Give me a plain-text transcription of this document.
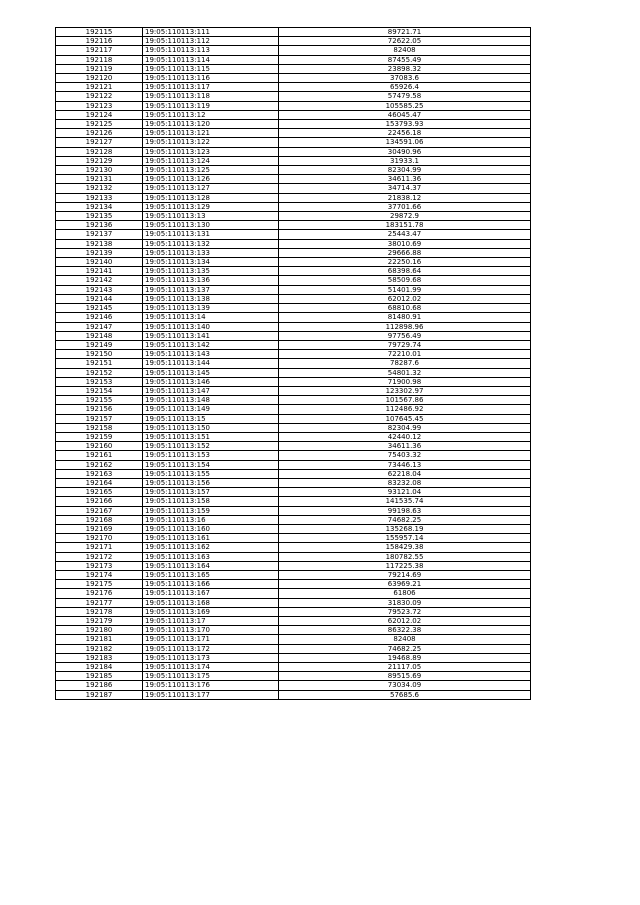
192115	19:05:110113:111	89721.71
192116	19:05:110113:112	72622.05
192117	19:05:110113:113	82408
192118	19:05:110113:114	87455.49
192119	19:05:110113:115	23898.32
192120	19:05:110113:116	37083.6
192121	19:05:110113:117	65926.4
192122	19:05:110113:118	57479.58
192123	19:05:110113:119	105585.25
192124	19:05:110113:12	46045.47
192125	19:05:110113:120	153793.93
192126	19:05:110113:121	22456.18
192127	19:05:110113:122	134591.06
192128	19:05:110113:123	30490.96
192129	19:05:110113:124	31933.1
192130	19:05:110113:125	82304.99
192131	19:05:110113:126	34611.36
192132	19:05:110113:127	34714.37
192133	19:05:110113:128	21838.12
192134	19:05:110113:129	37701.66
192135	19:05:110113:13	29872.9
192136	19:05:110113:130	183151.78
192137	19:05:110113:131	25443.47
192138	19:05:110113:132	38010.69
192139	19:05:110113:133	29666.88
192140	19:05:110113:134	22250.16
192141	19:05:110113:135	68398.64
192142	19:05:110113:136	58509.68
192143	19:05:110113:137	51401.99
192144	19:05:110113:138	62012.02
192145	19:05:110113:139	68810.68
192146	19:05:110113:14	81480.91
192147	19:05:110113:140	112898.96
192148	19:05:110113:141	97756.49
192149	19:05:110113:142	79729.74
192150	19:05:110113:143	72210.01
192151	19:05:110113:144	78287.6
192152	19:05:110113:145	54801.32
192153	19:05:110113:146	71900.98
192154	19:05:110113:147	123302.97
192155	19:05:110113:148	101567.86
192156	19:05:110113:149	112486.92
192157	19:05:110113:15	107645.45
192158	19:05:110113:150	82304.99
192159	19:05:110113:151	42440.12
192160	19:05:110113:152	34611.36
192161	19:05:110113:153	75403.32
192162	19:05:110113:154	73446.13
192163	19:05:110113:155	62218.04
192164	19:05:110113:156	83232.08
192165	19:05:110113:157	93121.04
192166	19:05:110113:158	141535.74
192167	19:05:110113:159	99198.63
192168	19:05:110113:16	74682.25
192169	19:05:110113:160	135268.19
192170	19:05:110113:161	155957.14
192171	19:05:110113:162	158429.38
192172	19:05:110113:163	180782.55
192173	19:05:110113:164	117225.38
192174	19:05:110113:165	79214.69
192175	19:05:110113:166	63969.21
192176	19:05:110113:167	61806
192177	19:05:110113:168	31830.09
192178	19:05:110113:169	79523.72
192179	19:05:110113:17	62012.02
192180	19:05:110113:170	86322.38
192181	19:05:110113:171	82408
192182	19:05:110113:172	74682.25
192183	19:05:110113:173	19468.89
192184	19:05:110113:174	21117.05
192185	19:05:110113:175	89515.69
192186	19:05:110113:176	73034.09
192187	19:05:110113:177	57685.6
